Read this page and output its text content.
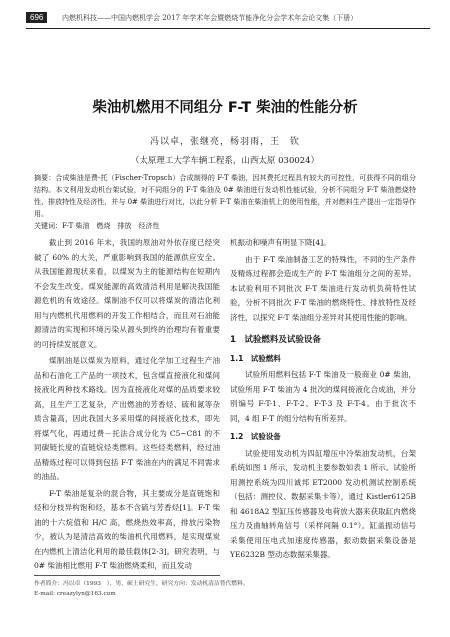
696	内燃机科技——中国内燃机学会 2017 年学术年会暨燃烧节能净化分会学术年会论文集（下册）
柴油机燃用不同组分 F-T 柴油的性能分析
冯以卓，张继亮，杨羽雨，王　钦
（太原理工大学车辆工程系，山西太原 030024）

摘要：合成柴油是费-托（Fischer-Tropsch）合成制得的 F-T 柴油，因其费托过程具有较大的可控性，可获得不同的组分结构。本文利用发动机台架试验，对不同组分的 F-T 柴油及 0# 柴油进行发动机性能试验，分析不同组分 F-T 柴油燃烧特性、排放特性及经济性，并与 0# 柴油进行对比，以此分析 F-T 柴油在柴油机上的使用性能，并对燃料生产提出一定指导作用。

关键词：F-T 柴油　燃烧　排放　经济性

截止到 2016 年末，我国的原油对外依存度已经突破了 60% 的大关，严重影响到我国的能源供应安全。从我国能源现状来看，以煤炭为主的能源结构在短期内不会发生改变。煤炭能源的高效清洁利用是解决我国能源危机的有效途径。煤制油不仅可以将煤炭的清洁化利用与内燃机代用燃料的开发工作相结合，而且对石油能源清洁的实现和环境污染从源头到终的治理均有着重要的可持续发展意义。

煤制油是以煤炭为原料，通过化学加工过程生产油品和石油化工产品的一项技术，包含煤直接液化和煤间接液化两种技术路线。因为直接液化对煤的品质要求较高，且生产工艺复杂，产出燃油的芳香烃、硫和氮等杂质含量高，因此我国大多采用煤的间接液化技术，即先将煤气化，再通过费－托法合成分化为 C5~C81 的不同碳链长度的直链烷烃类燃料。这些烃类燃料，经过油品精炼过程可以得到包括 F-T 柴油在内的满足不同需求的油品。

F-T 柴油是复杂的混合物，其主要成分是直链饱和烃和分枝异构饱和烃，基本不含硫与芳香烃[1]。F-T 柴油的十六烷值和 H/C 高，燃烧热效率高，排放污染物少，被认为是清洁高效的柴油机代用燃料，是实现煤炭在内燃机上清洁化利用的最佳载体[2-3]。研究表明，与 0# 柴油相比燃用 F-T 柴油燃烧柔和，而且发动

机振动和噪声有明显下降[4]。

由于 F-T 柴油制备工艺的特殊性，不同的生产条件及精炼过程都会造成生产的 F-T 柴油组分之间的差异。本试验利用不同批次 F-T 柴油进行发动机负荷特性试验，分析不同批次 F-T 柴油的燃烧特性、排放特性及经济性，以探究 F-T 柴油组分差异对其使用性能的影响。

1　试验燃料及试验设备
1.1　试验燃料

试验所用燃料包括 F-T 柴油及一般商业 0# 柴油，试验所用 F-T 柴油为 4 批次的煤间接液化合成油，并分别编号 F-T-1、F-T-2、F-T-3 及 F-T-4。由于批次不同，4 组 F-T 的组分结构有所差异。

1.2　试验设备

试验使用发动机为四缸增压中冷柴油发动机，台架系统如图 1 所示，发动机主要参数如表 1 所示。试验所用测控系统为四川诚邦 ET2000 发动机测试控制系统（包括：测控仪、数据采集卡等），通过 Kistler6125B 和 4618A2 型缸压传感器及电荷放大器来获取缸内燃烧压力及曲轴转角信号（采样间隔 0.1°）。缸盖振动信号采集使用压电式加速度传感器，振动数据采集设备是 YE6232B 型动态数据采集器。

作者简介：冯以卓（1993　），男，硕士研究生，研究方向：发动机清洁替代燃料。
E-mail: creazylyn@163.com
